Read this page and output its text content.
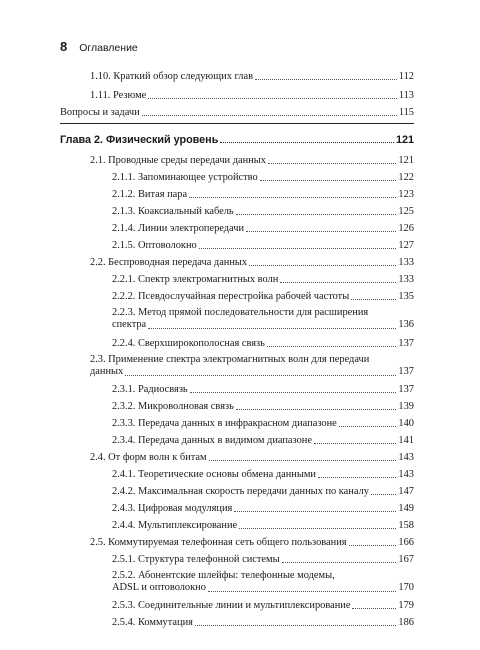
8 Оглавление
1.10. Краткий обзор следующих глав	112
1.11. Резюме	113
Вопросы и задачи	115
Глава 2. Физический уровень	121
2.1. Проводные среды передачи данных	121
2.1.1. Запоминающее устройство	122
2.1.2. Витая пара	123
2.1.3. Коаксиальный кабель	125
2.1.4. Линии электропередачи	126
2.1.5. Оптоволокно	127
2.2. Беспроводная передача данных	133
2.2.1. Спектр электромагнитных волн	133
2.2.2. Псевдослучайная перестройка рабочей частоты	135
2.2.3. Метод прямой последовательности для расширения
спектра	136
2.2.4. Сверхширокополосная связь	137
2.3. Применение спектра электромагнитных волн для передачи
данных	137
2.3.1. Радиосвязь	137
2.3.2. Микроволновая связь	139
2.3.3. Передача данных в инфракрасном диапазоне	140
2.3.4. Передача данных в видимом диапазоне	141
2.4. От форм волн к битам	143
2.4.1. Теоретические основы обмена данными	143
2.4.2. Максимальная скорость передачи данных по каналу	147
2.4.3. Цифровая модуляция	149
2.4.4. Мультиплексирование	158
2.5. Коммутируемая телефонная сеть общего пользования	166
2.5.1. Структура телефонной системы	167
2.5.2. Абонентские шлейфы: телефонные модемы,
ADSL и оптоволокно	170
2.5.3. Соединительные линии и мультиплексирование	179
2.5.4. Коммутация	186
